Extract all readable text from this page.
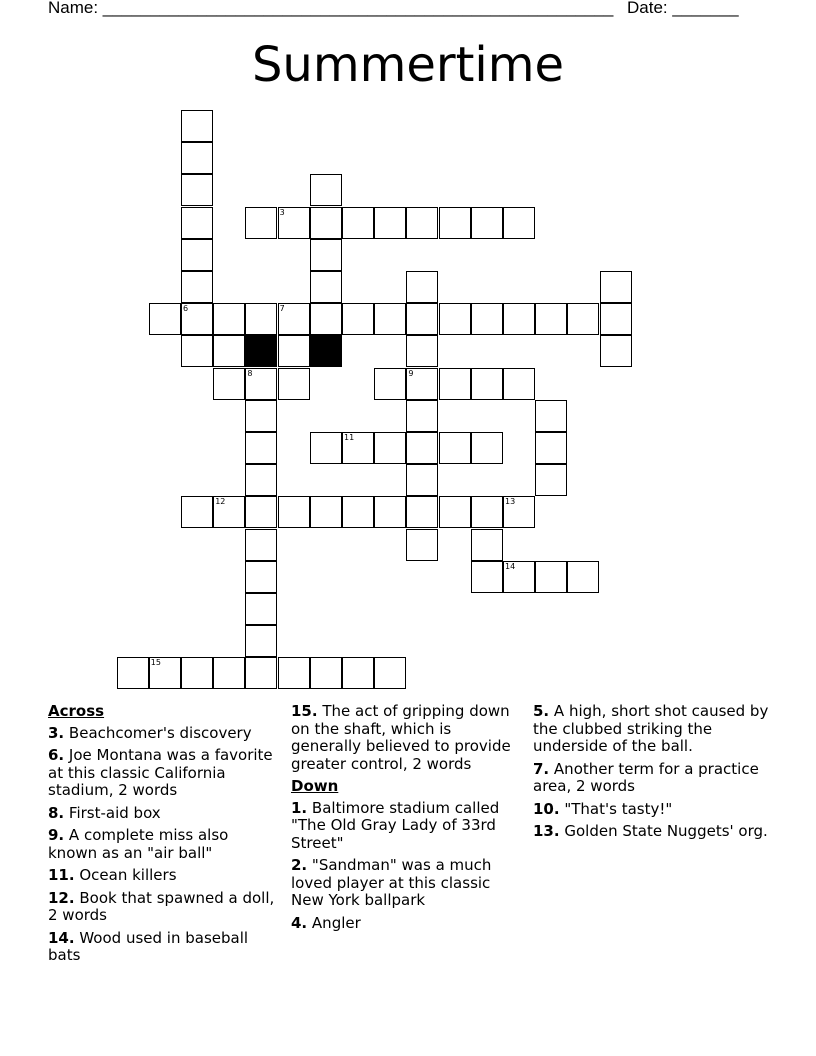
Name: ______________________________________________________ Date: _______
Summertime
3
6	7
8	9
11
12	13
14
15
Across
3. Beachcomer's discovery
6. Joe Montana was a favorite at this classic California stadium, 2 words
8. First-aid box
9. A complete miss also known as an "air ball"
11. Ocean killers
12. Book that spawned a doll, 2 words
14. Wood used in baseball bats
15. The act of gripping down on the shaft, which is generally believed to provide greater control, 2 words
Down
1. Baltimore stadium called "The Old Gray Lady of 33rd Street"
2. "Sandman" was a much loved player at this classic New York ballpark
4. Angler
5. A high, short shot caused by the clubbed striking the underside of the ball.
7. Another term for a practice area, 2 words
10. "That's tasty!"
13. Golden State Nuggets' org.
